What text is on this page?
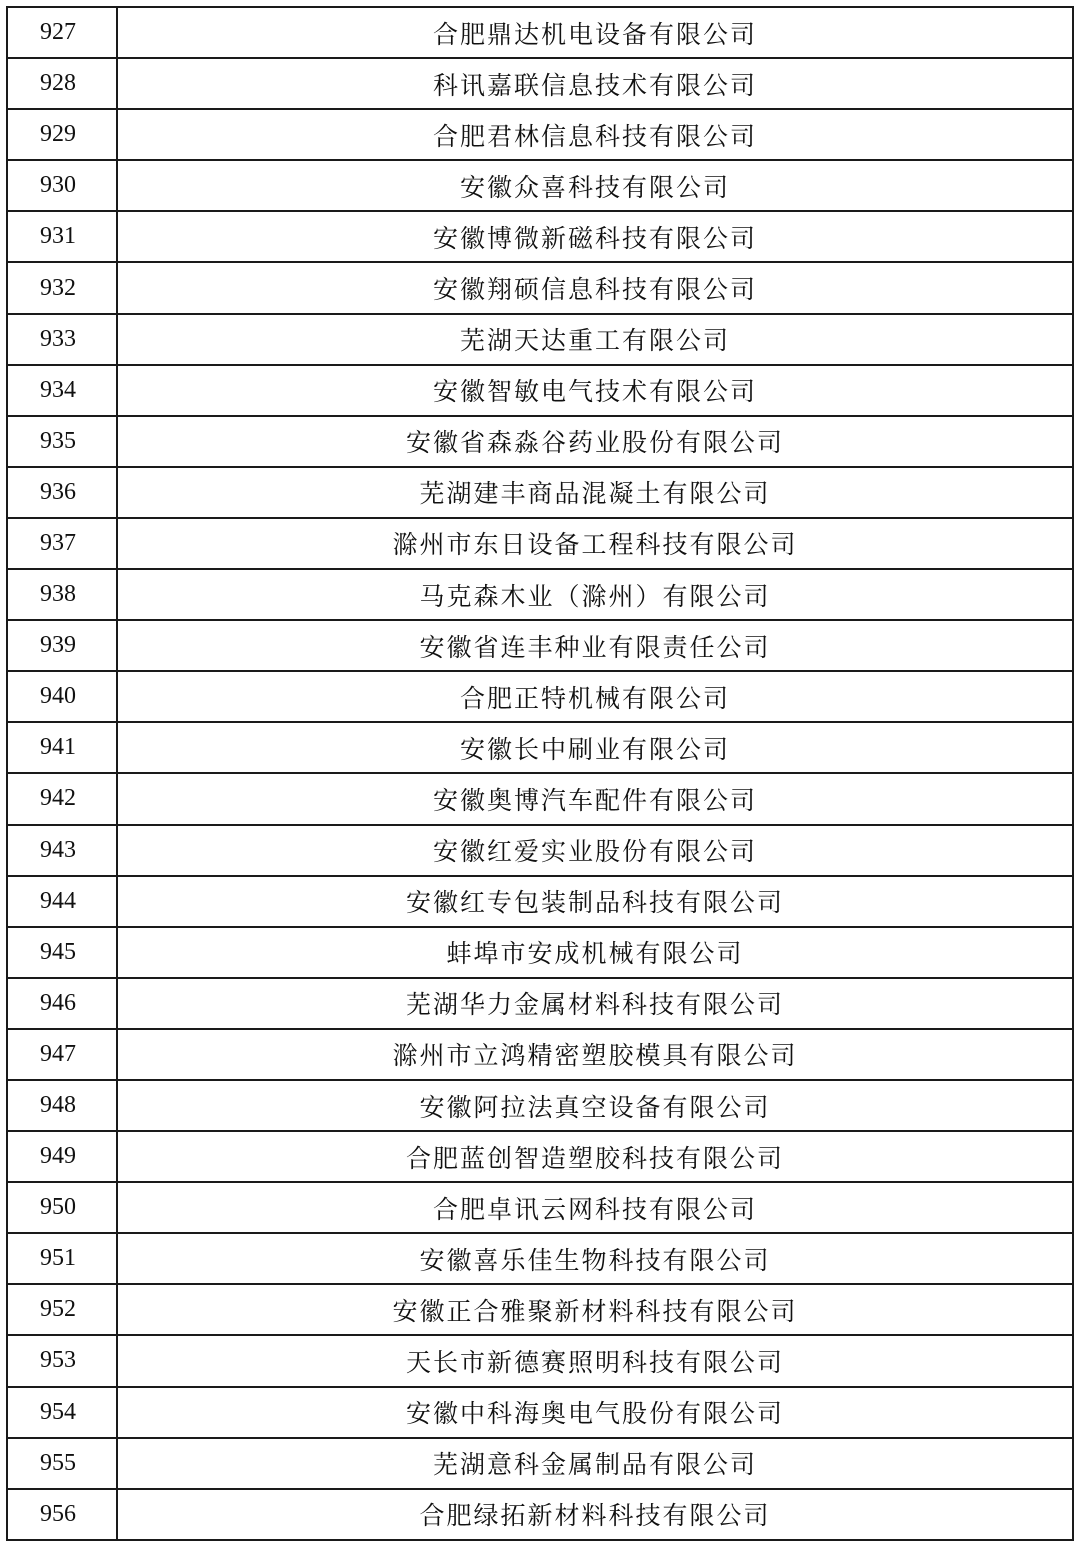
927	合肥鼎达机电设备有限公司
928	科讯嘉联信息技术有限公司
929	合肥君林信息科技有限公司
930	安徽众喜科技有限公司
931	安徽博微新磁科技有限公司
932	安徽翔硕信息科技有限公司
933	芜湖天达重工有限公司
934	安徽智敏电气技术有限公司
935	安徽省森淼谷药业股份有限公司
936	芜湖建丰商品混凝土有限公司
937	滁州市东日设备工程科技有限公司
938	马克森木业（滁州）有限公司
939	安徽省连丰种业有限责任公司
940	合肥正特机械有限公司
941	安徽长中刷业有限公司
942	安徽奥博汽车配件有限公司
943	安徽红爱实业股份有限公司
944	安徽红专包装制品科技有限公司
945	蚌埠市安成机械有限公司
946	芜湖华力金属材料科技有限公司
947	滁州市立鸿精密塑胶模具有限公司
948	安徽阿拉法真空设备有限公司
949	合肥蓝创智造塑胶科技有限公司
950	合肥卓讯云网科技有限公司
951	安徽喜乐佳生物科技有限公司
952	安徽正合雅聚新材料科技有限公司
953	天长市新德赛照明科技有限公司
954	安徽中科海奥电气股份有限公司
955	芜湖意科金属制品有限公司
956	合肥绿拓新材料科技有限公司
